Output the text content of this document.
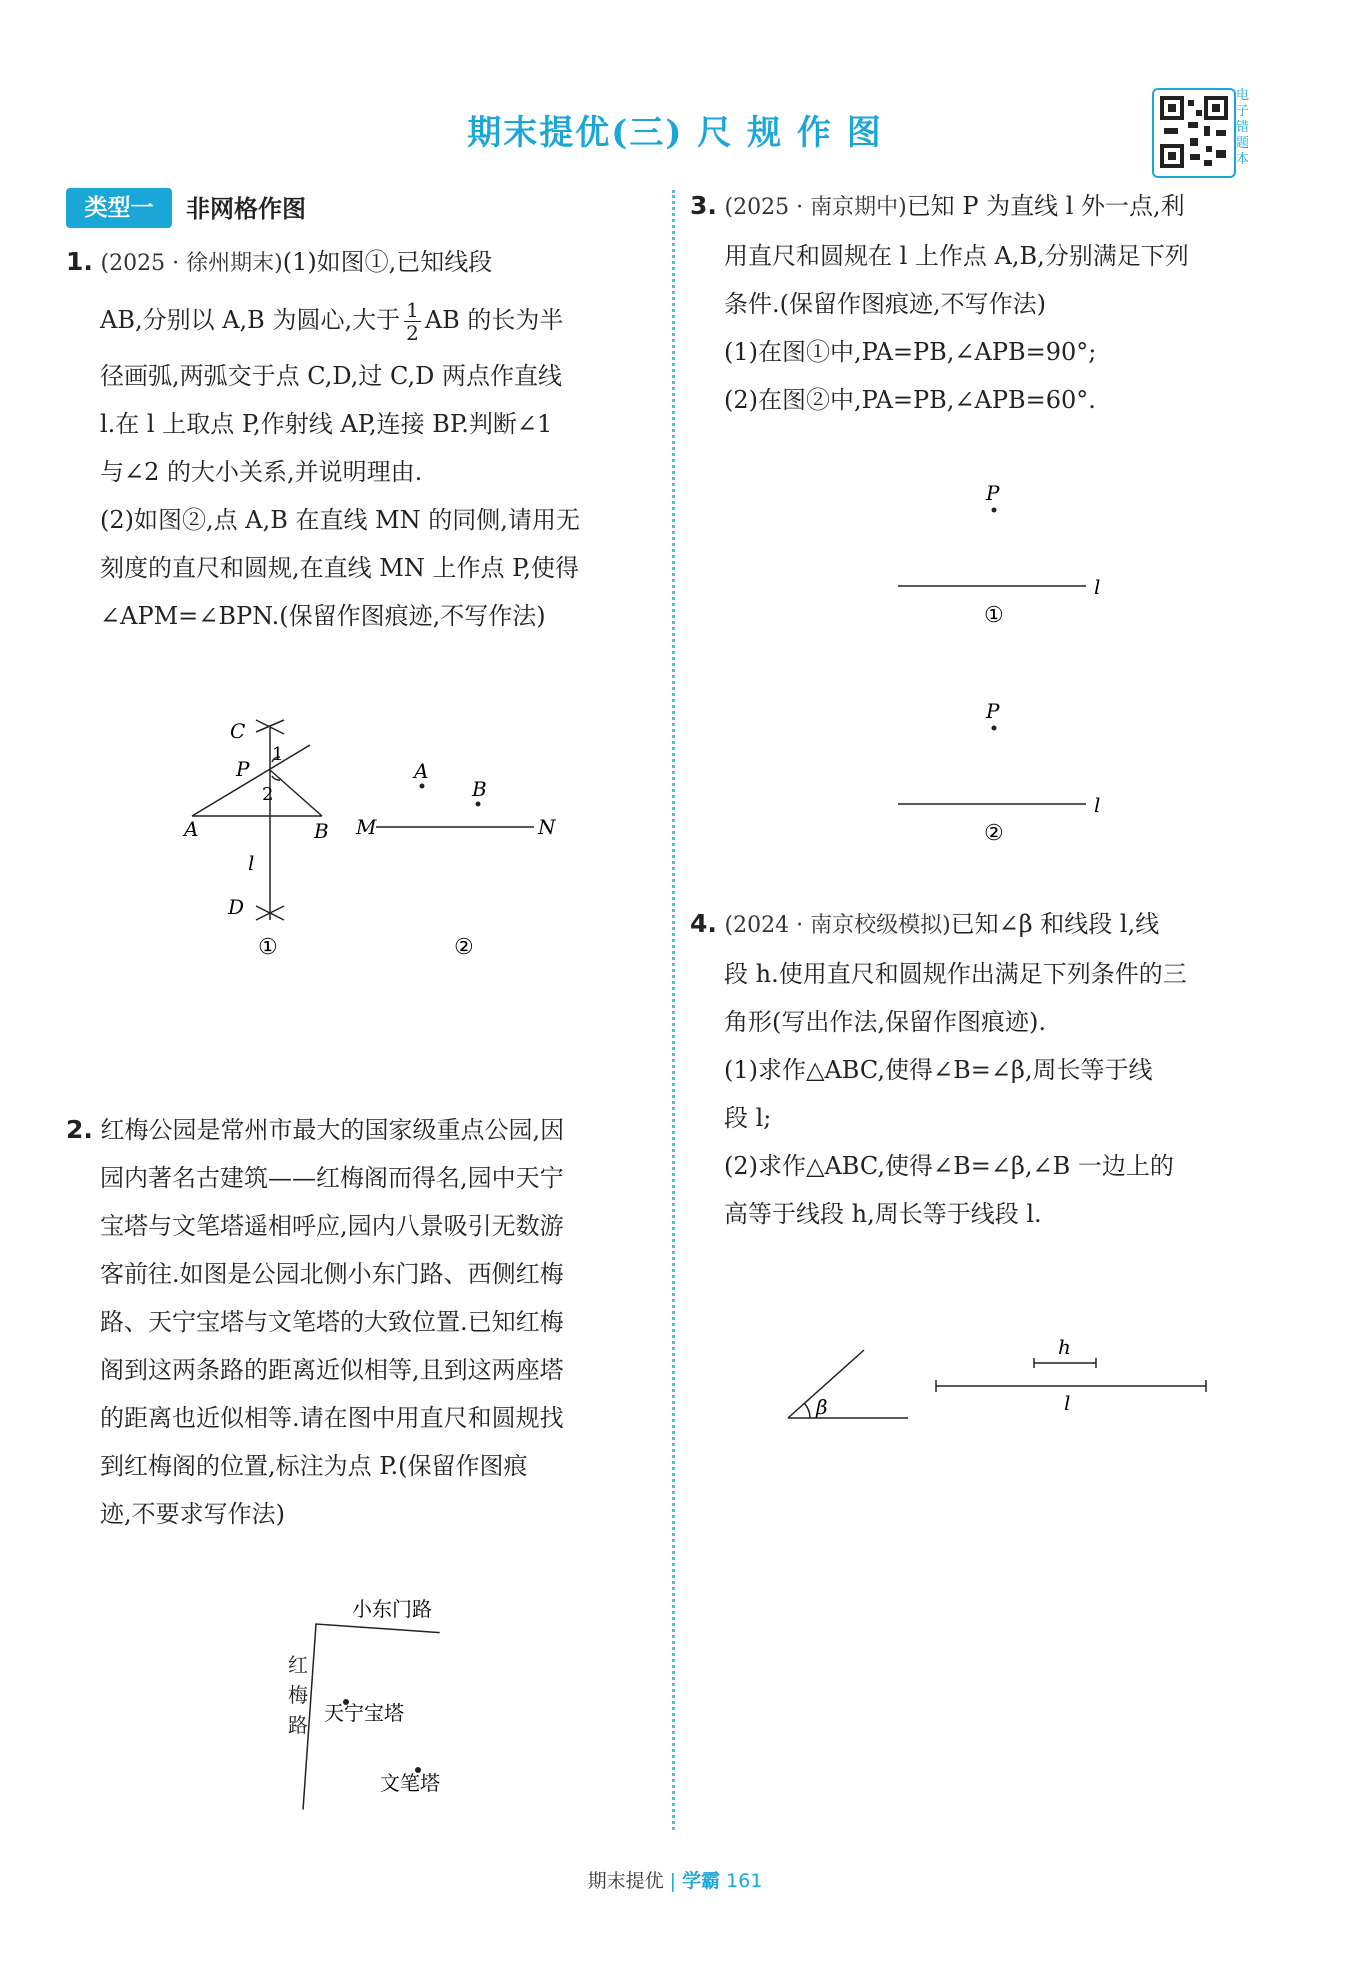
期末提优(三) 尺 规 作 图
电子错题本
类型一	非网格作图
1. (2025 · 徐州期末)(1)如图①,已知线段
AB,分别以 A,B 为圆心,大于 $\frac{1}{2}$ AB 的长为半
径画弧,两弧交于点 C,D,过 C,D 两点作直线
l.在 l 上取点 P,作射线 AP,连接 BP.判断∠1
与∠2 的大小关系,并说明理由.
(2)如图②,点 A,B 在直线 MN 的同侧,请用无
刻度的直尺和圆规,在直线 MN 上作点 P,使得
∠APM=∠BPN.(保留作图痕迹,不写作法)
C
P
1
2
A	B
l
D
①
A
B
M	N
②
2. 红梅公园是常州市最大的国家级重点公园,因
园内著名古建筑——红梅阁而得名,园中天宁
宝塔与文笔塔遥相呼应,园内八景吸引无数游
客前往.如图是公园北侧小东门路、西侧红梅
路、天宁宝塔与文笔塔的大致位置.已知红梅
阁到这两条路的距离近似相等,且到这两座塔
的距离也近似相等.请在图中用直尺和圆规找
到红梅阁的位置,标注为点 P.(保留作图痕
迹,不要求写作法)
小东门路
天宁宝塔
文笔塔
红梅路
3. (2025 · 南京期中)已知 P 为直线 l 外一点,利
用直尺和圆规在 l 上作点 A,B,分别满足下列
条件.(保留作图痕迹,不写作法)
(1)在图①中,PA=PB,∠APB=90°;
(2)在图②中,PA=PB,∠APB=60°.
P
l
①
P
l
②
4. (2024 · 南京校级模拟)已知∠β 和线段 l,线
段 h.使用直尺和圆规作出满足下列条件的三
角形(写出作法,保留作图痕迹).
(1)求作△ABC,使得∠B=∠β,周长等于线
段 l;
(2)求作△ABC,使得∠B=∠β,∠B 一边上的
高等于线段 h,周长等于线段 l.
β
h
l
期末提优 | 学霸 161
